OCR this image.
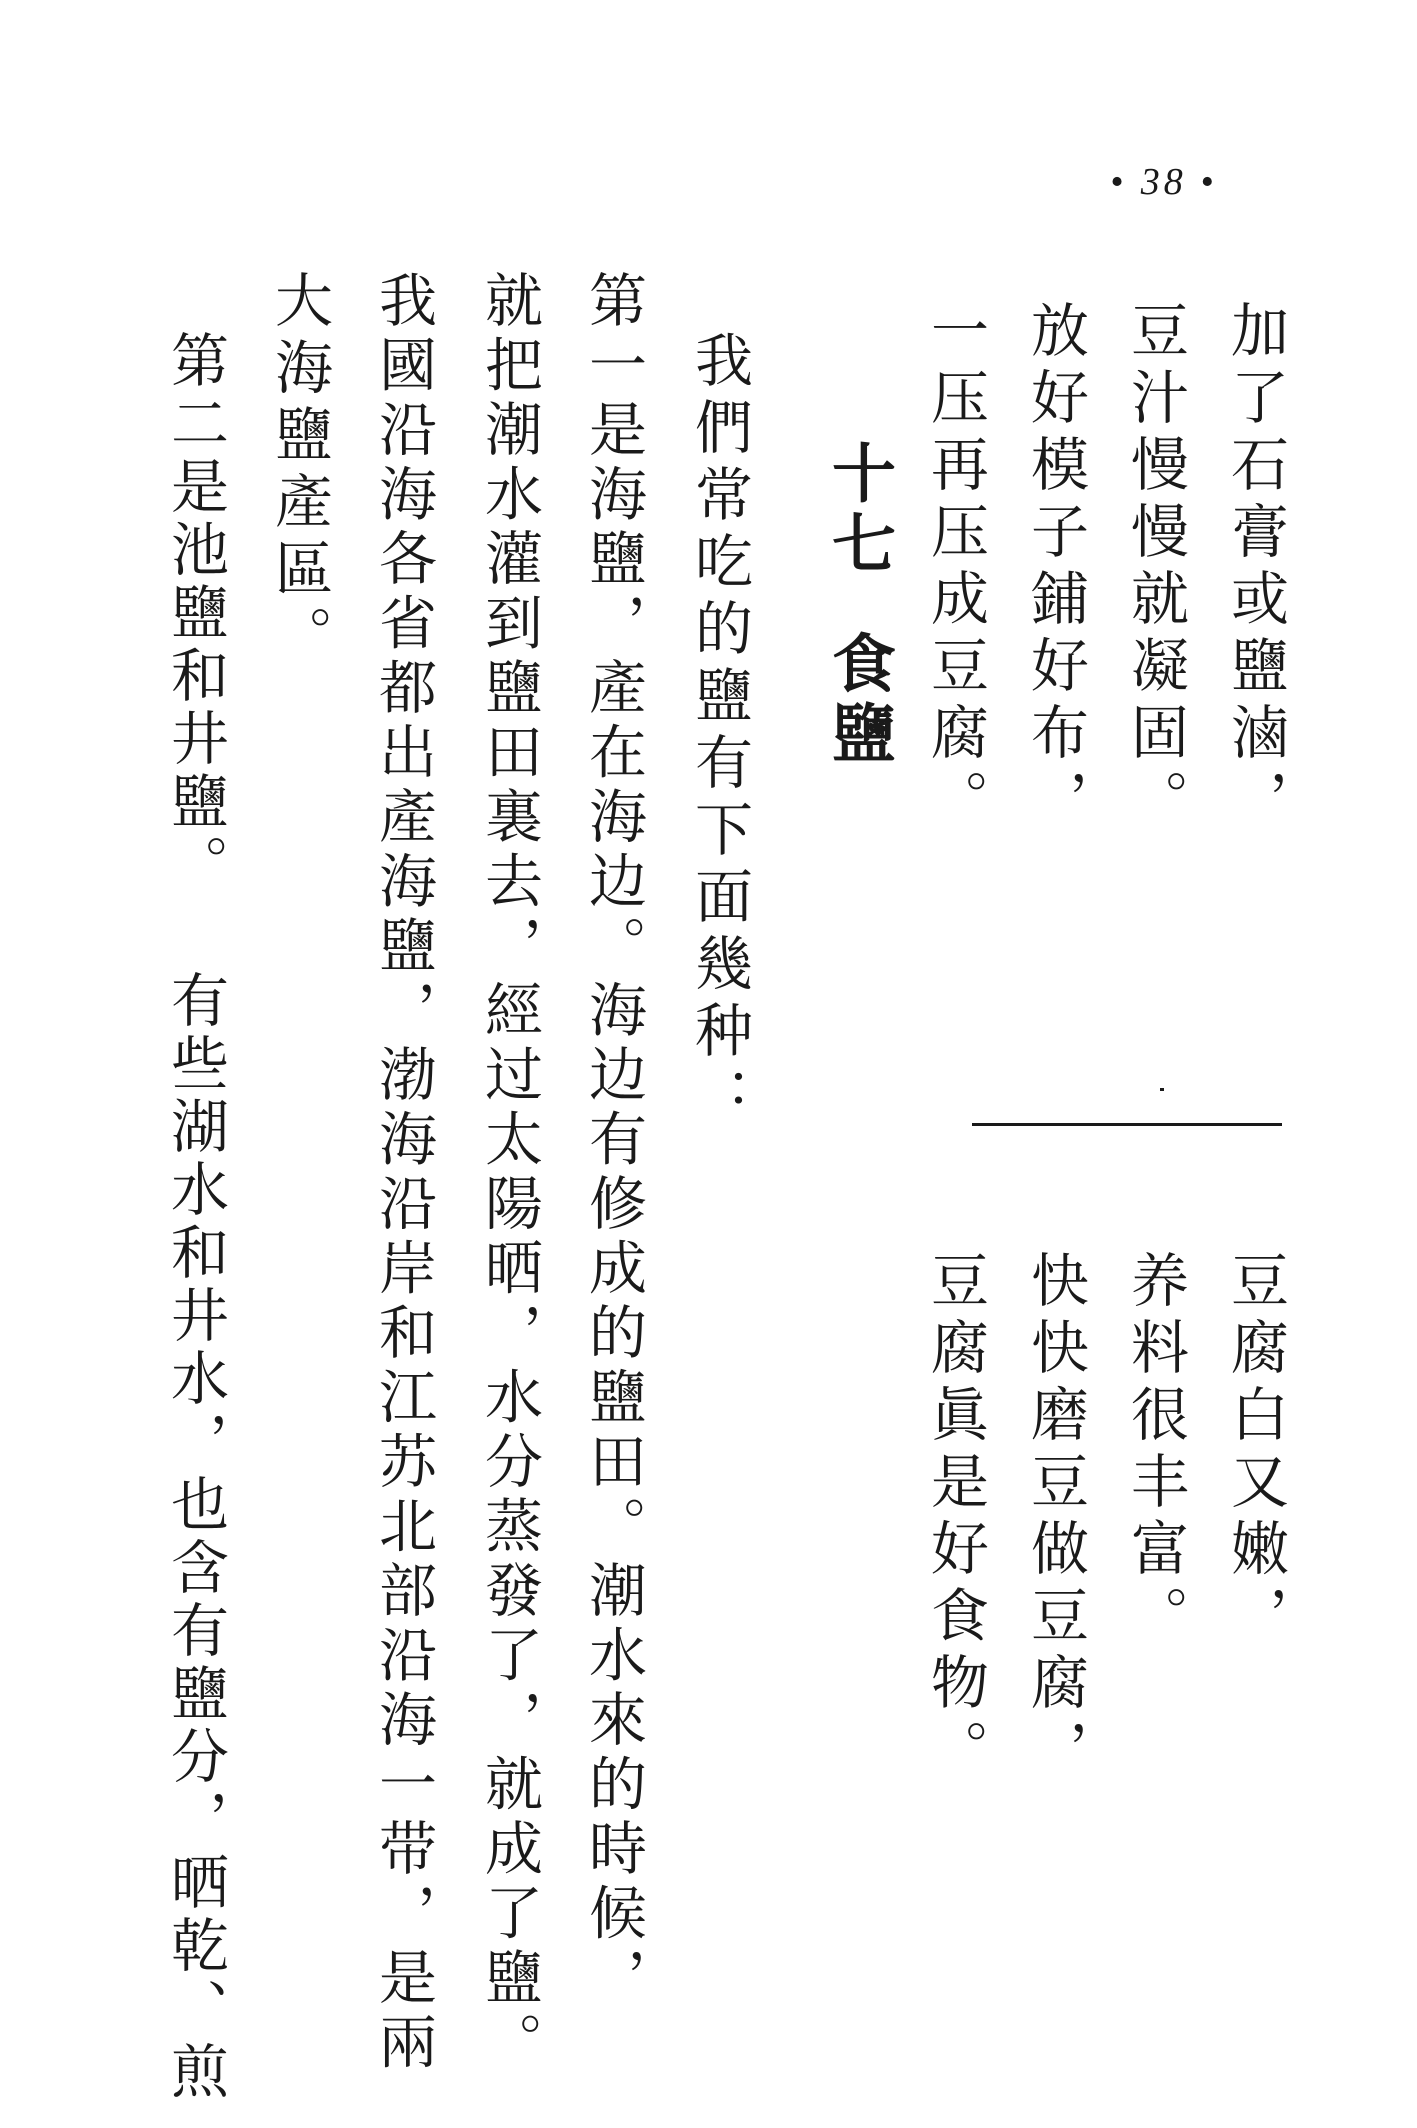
• 38 •
加了石膏或鹽滷，
豆汁慢慢就凝固。
放好模子鋪好布，
一压再压成豆腐。
豆腐白又嫩，
养料很丰富。
快快磨豆做豆腐，
豆腐眞是好食物。
十七
食鹽
我們常吃的鹽有下面幾种：
第一是海鹽，產在海边。海边有修成的鹽田。潮水來的時候，
就把潮水灌到鹽田裏去，經过太陽晒，水分蒸發了，就成了鹽。
我國沿海各省都出產海鹽，渤海沿岸和江苏北部沿海一带，是兩
大海鹽產區。
第二是池鹽和井鹽。 有些湖水和井水，也含有鹽分，晒乾、煎
